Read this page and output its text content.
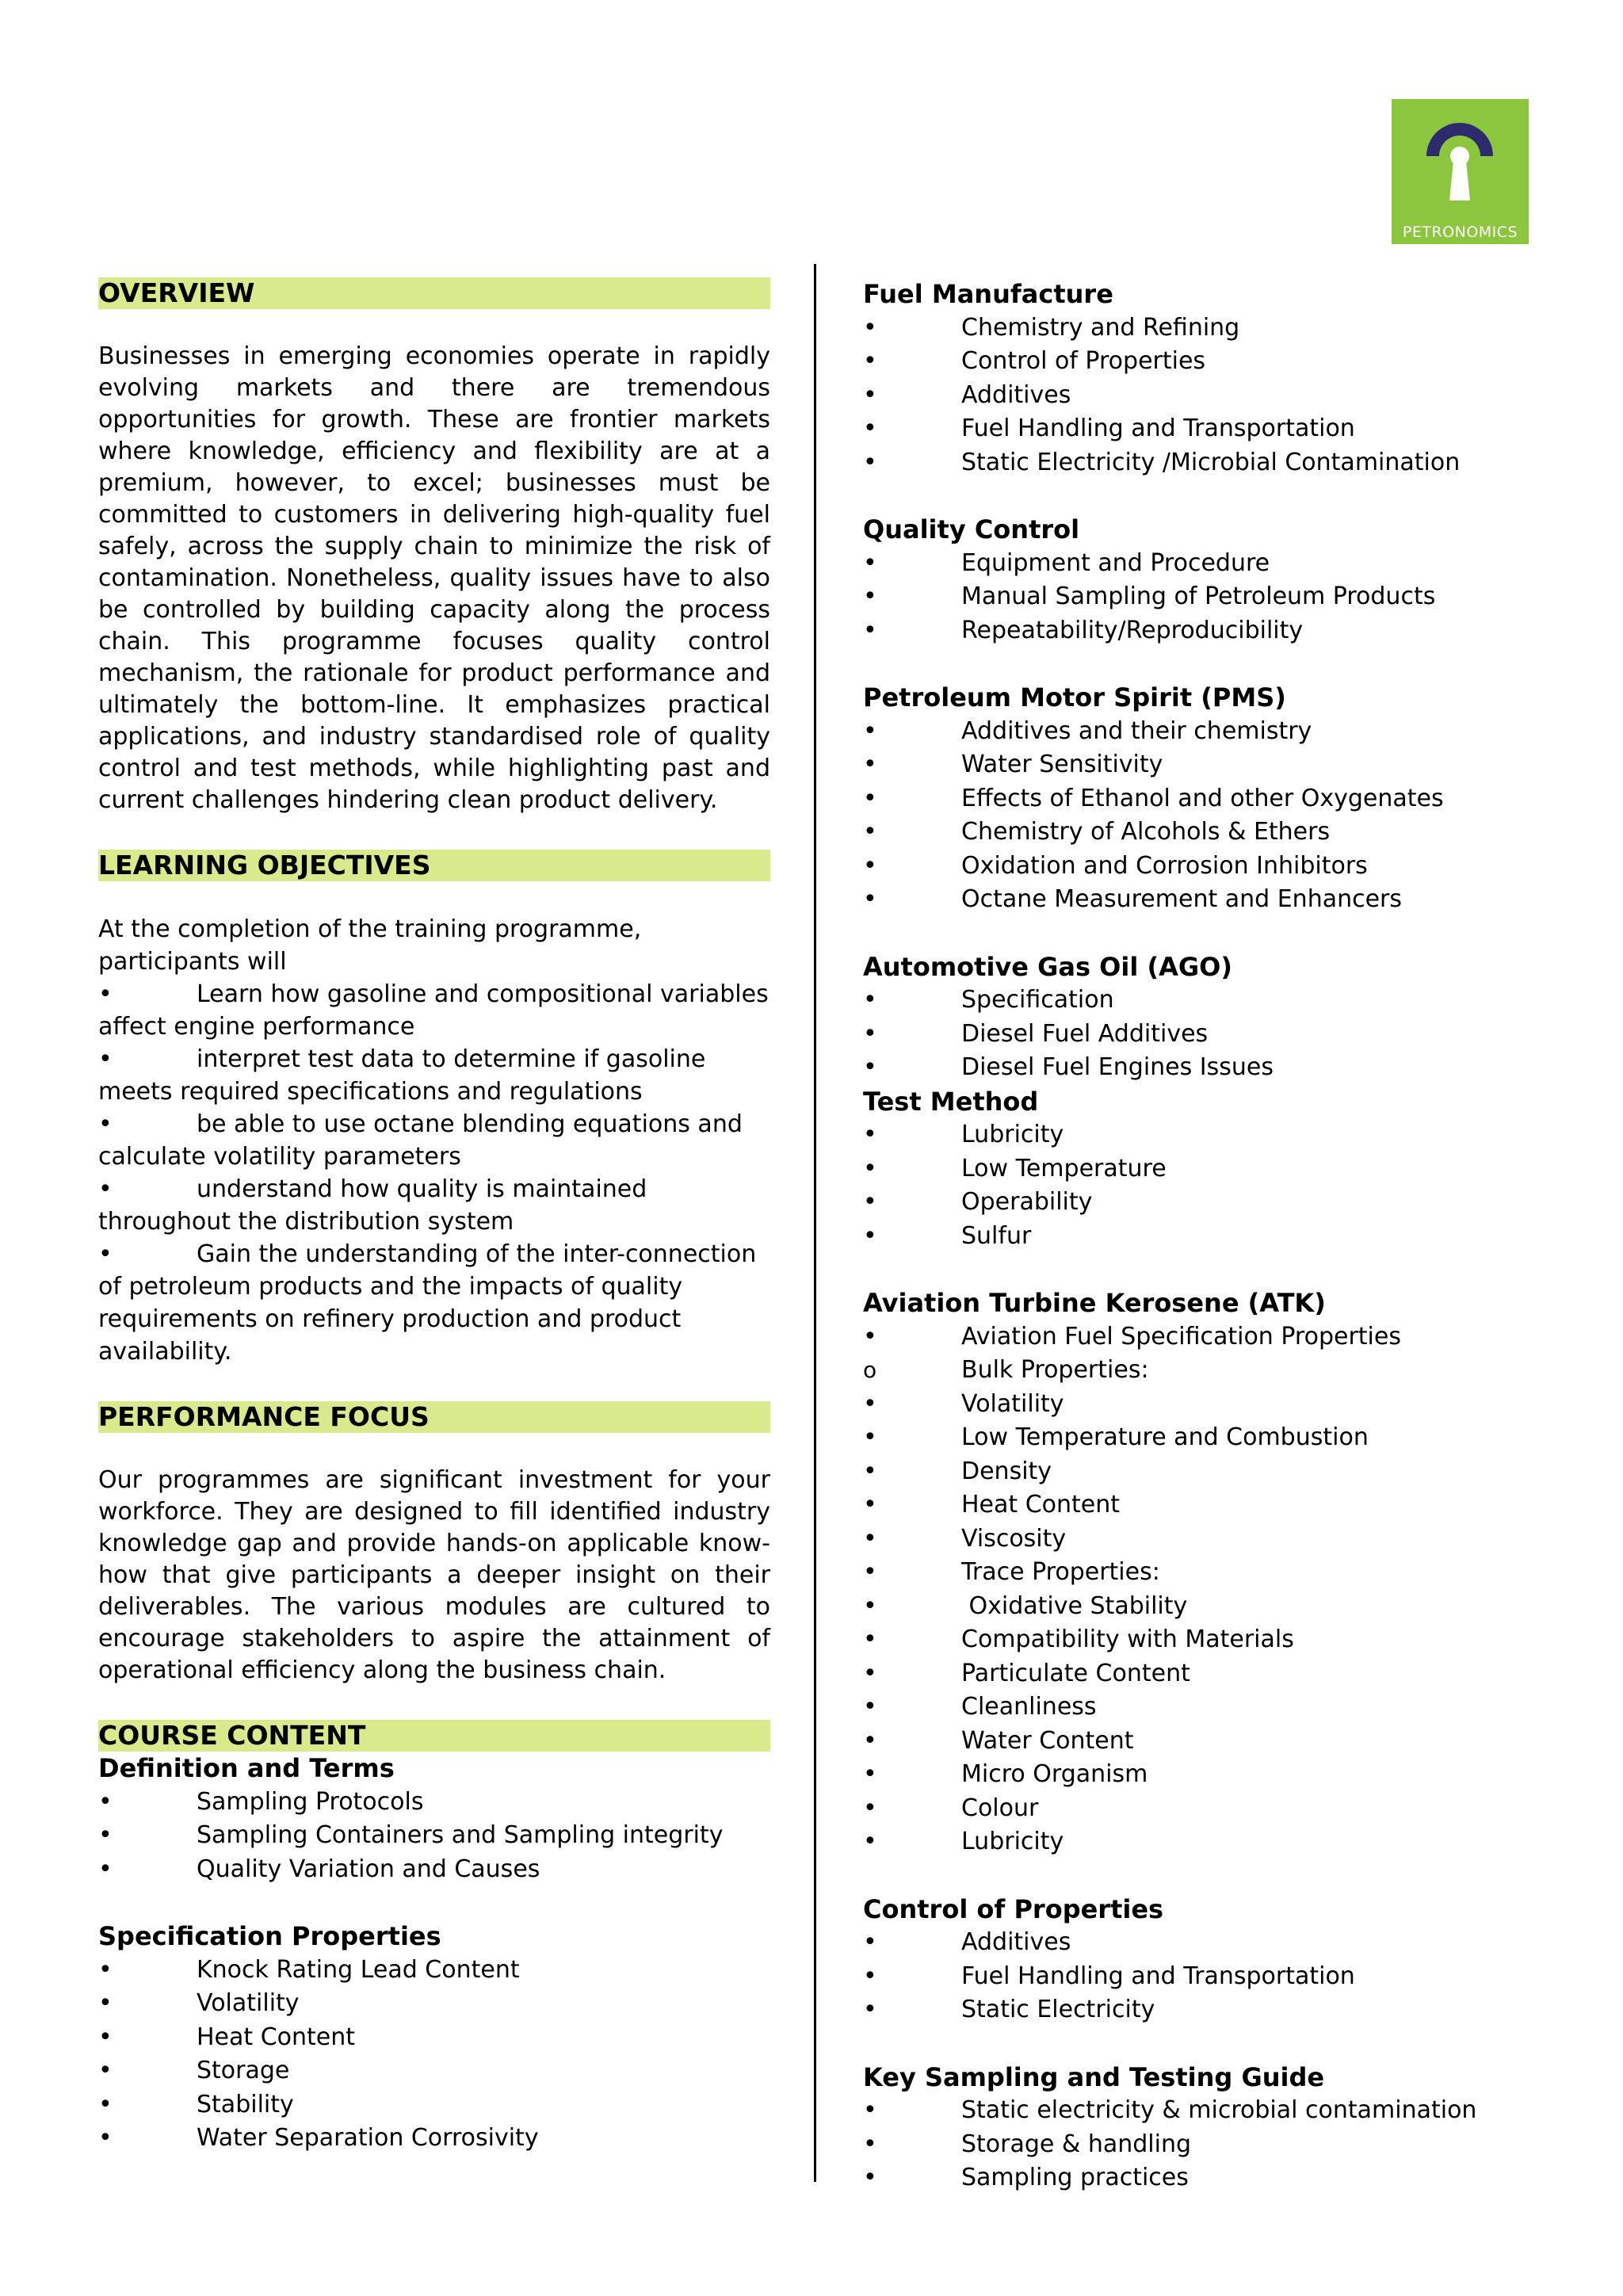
PETRONOMICS
OVERVIEW
Businesses in emerging economies operate in rapidly evolving markets and there are tremendous opportunities for growth. These are frontier markets where knowledge, efficiency and flexibility are at a premium, however, to excel; businesses must be committed to customers in delivering high-quality fuel safely, across the supply chain to minimize the risk of contamination. Nonetheless, quality issues have to also be controlled by building capacity along the process chain. This programme focuses quality control mechanism, the rationale for product performance and ultimately the bottom-line. It emphasizes practical applications, and industry standardised role of quality control and test methods, while highlighting past and current challenges hindering clean product delivery.
LEARNING OBJECTIVES
At the completion of the training programme, participants will
•	Learn how gasoline and compositional variables affect engine performance
•	interpret test data to determine if gasoline meets required specifications and regulations
•	be able to use octane blending equations and calculate volatility parameters
•	understand how quality is maintained throughout the distribution system
•	Gain the understanding of the inter-connection of petroleum products and the impacts of quality requirements on refinery production and product availability.
PERFORMANCE FOCUS
Our programmes are significant investment for your workforce. They are designed to fill identified industry knowledge gap and provide hands-on applicable know-how that give participants a deeper insight on their deliverables. The various modules are cultured to encourage stakeholders to aspire the attainment of operational efficiency along the business chain.
COURSE CONTENT
Definition and Terms
•	Sampling Protocols
•	Sampling Containers and Sampling integrity
•	Quality Variation and Causes
Specification Properties
•	Knock Rating Lead Content
•	Volatility
•	Heat Content
•	Storage
•	Stability
•	Water Separation Corrosivity
Fuel Manufacture
•	Chemistry and Refining
•	Control of Properties
•	Additives
•	Fuel Handling and Transportation
•	Static Electricity /Microbial Contamination
Quality Control
•	Equipment and Procedure
•	Manual Sampling of Petroleum Products
•	Repeatability/Reproducibility
Petroleum Motor Spirit (PMS)
•	Additives and their chemistry
•	Water Sensitivity
•	Effects of Ethanol and other Oxygenates
•	Chemistry of Alcohols & Ethers
•	Oxidation and Corrosion Inhibitors
•	Octane Measurement and Enhancers
Automotive Gas Oil (AGO)
•	Specification
•	Diesel Fuel Additives
•	Diesel Fuel Engines Issues
Test Method
•	Lubricity
•	Low Temperature
•	Operability
•	Sulfur
Aviation Turbine Kerosene (ATK)
•	Aviation Fuel Specification Properties
o	Bulk Properties:
•	Volatility
•	Low Temperature and Combustion
•	Density
•	Heat Content
•	Viscosity
•	Trace Properties:
•	Oxidative Stability
•	Compatibility with Materials
•	Particulate Content
•	Cleanliness
•	Water Content
•	Micro Organism
•	Colour
•	Lubricity
Control of Properties
•	Additives
•	Fuel Handling and Transportation
•	Static Electricity
Key Sampling and Testing Guide
•	Static electricity & microbial contamination
•	Storage & handling
•	Sampling practices
